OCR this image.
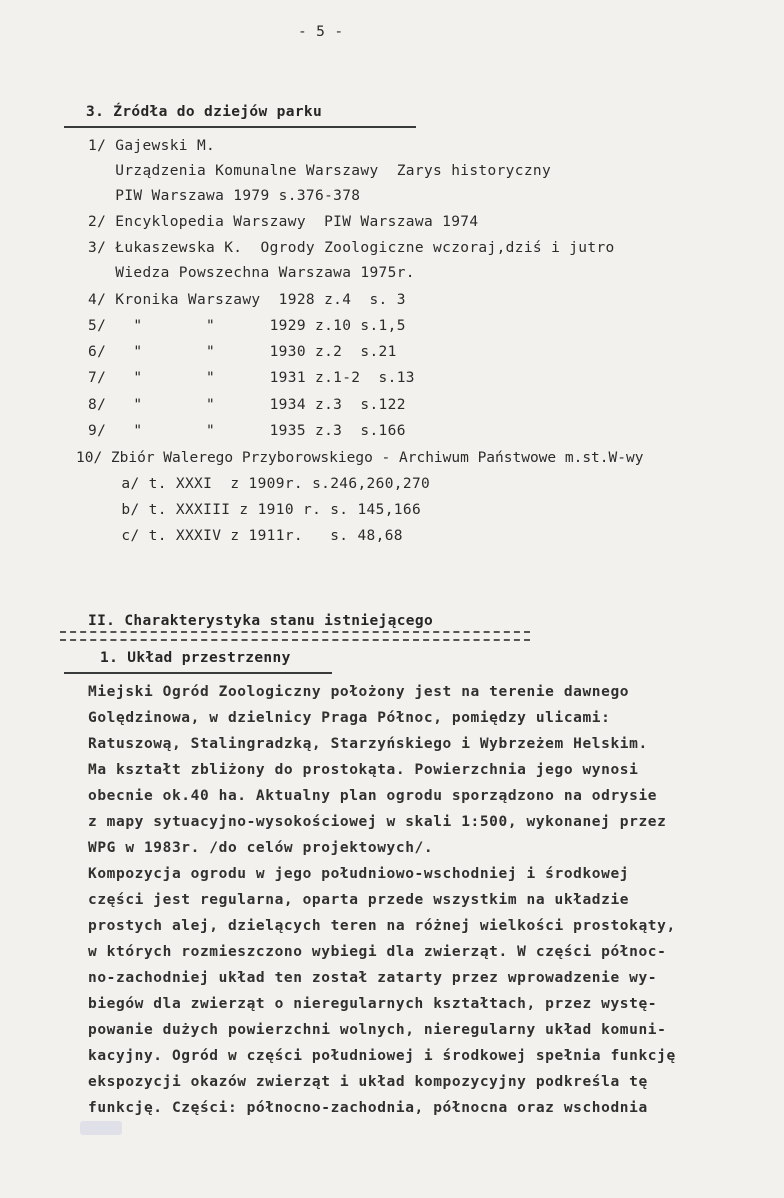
- 5 -
3. Źródła do dziejów parku
1/ Gajewski M.
Urządzenia Komunalne Warszawy  Zarys historyczny
PIW Warszawa 1979 s.376-378
2/ Encyklopedia Warszawy  PIW Warszawa 1974
3/ Łukaszewska K.  Ogrody Zoologiczne wczoraj,dziś i jutro
Wiedza Powszechna Warszawa 1975r.
4/ Kronika Warszawy  1928 z.4  s. 3
5/   "       "      1929 z.10 s.1,5
6/   "       "      1930 z.2  s.21
7/   "       "      1931 z.1-2  s.13
8/   "       "      1934 z.3  s.122
9/   "       "      1935 z.3  s.166
10/ Zbiór Walerego Przyborowskiego - Archiwum Państwowe m.st.W-wy
a/ t. XXXI  z 1909r. s.246,260,270
b/ t. XXXIII z 1910 r. s. 145,166
c/ t. XXXIV z 1911r.   s. 48,68
II. Charakterystyka stanu istniejącego
1. Układ przestrzenny
Miejski Ogród Zoologiczny położony jest na terenie dawnego
Golędzinowa, w dzielnicy Praga Północ, pomiędzy ulicami:
Ratuszową, Stalingradzką, Starzyńskiego i Wybrzeżem Helskim.
Ma kształt zbliżony do prostokąta. Powierzchnia jego wynosi
obecnie ok.40 ha. Aktualny plan ogrodu sporządzono na odrysie
z mapy sytuacyjno-wysokościowej w skali 1:500, wykonanej przez
WPG w 1983r. /do celów projektowych/.
Kompozycja ogrodu w jego południowo-wschodniej i środkowej
części jest regularna, oparta przede wszystkim na układzie
prostych alej, dzielących teren na różnej wielkości prostokąty,
w których rozmieszczono wybiegi dla zwierząt. W części północ-
no-zachodniej układ ten został zatarty przez wprowadzenie wy-
biegów dla zwierząt o nieregularnych kształtach, przez wystę-
powanie dużych powierzchni wolnych, nieregularny układ komuni-
kacyjny. Ogród w części południowej i środkowej spełnia funkcję
ekspozycji okazów zwierząt i układ kompozycyjny podkreśla tę
funkcję. Części: północno-zachodnia, północna oraz wschodnia
